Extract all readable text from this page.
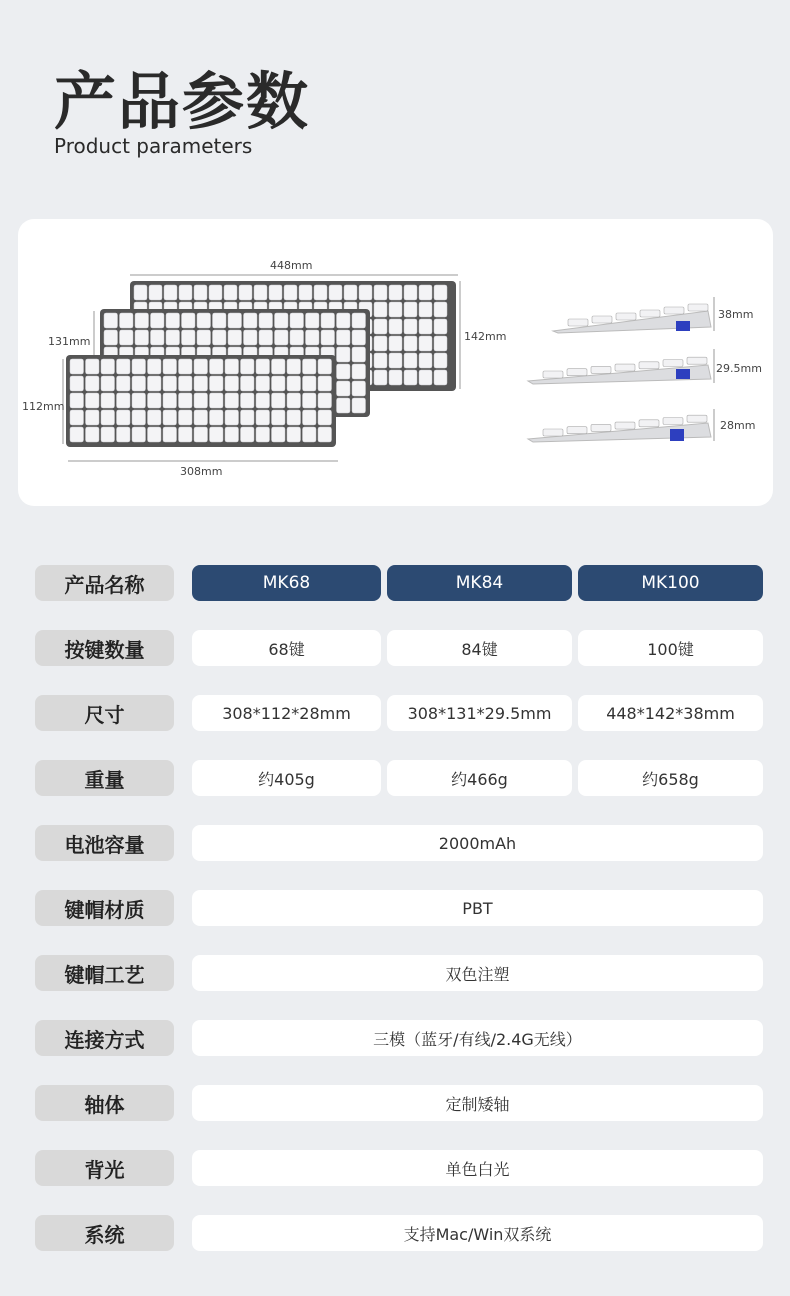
产品参数
Product parameters
448mm
142mm
131mm
112mm
308mm
38mm
29.5mm
28mm
产品名称	MK68	MK84	MK100
按键数量	68键	84键	100键
尺寸	308*112*28mm	308*131*29.5mm	448*142*38mm
重量	约405g	约466g	约658g
电池容量	2000mAh
键帽材质	PBT
键帽工艺	双色注塑
连接方式	三模（蓝牙/有线/2.4G无线）
轴体	定制矮轴
背光	单色白光
系统	支持Mac/Win双系统
